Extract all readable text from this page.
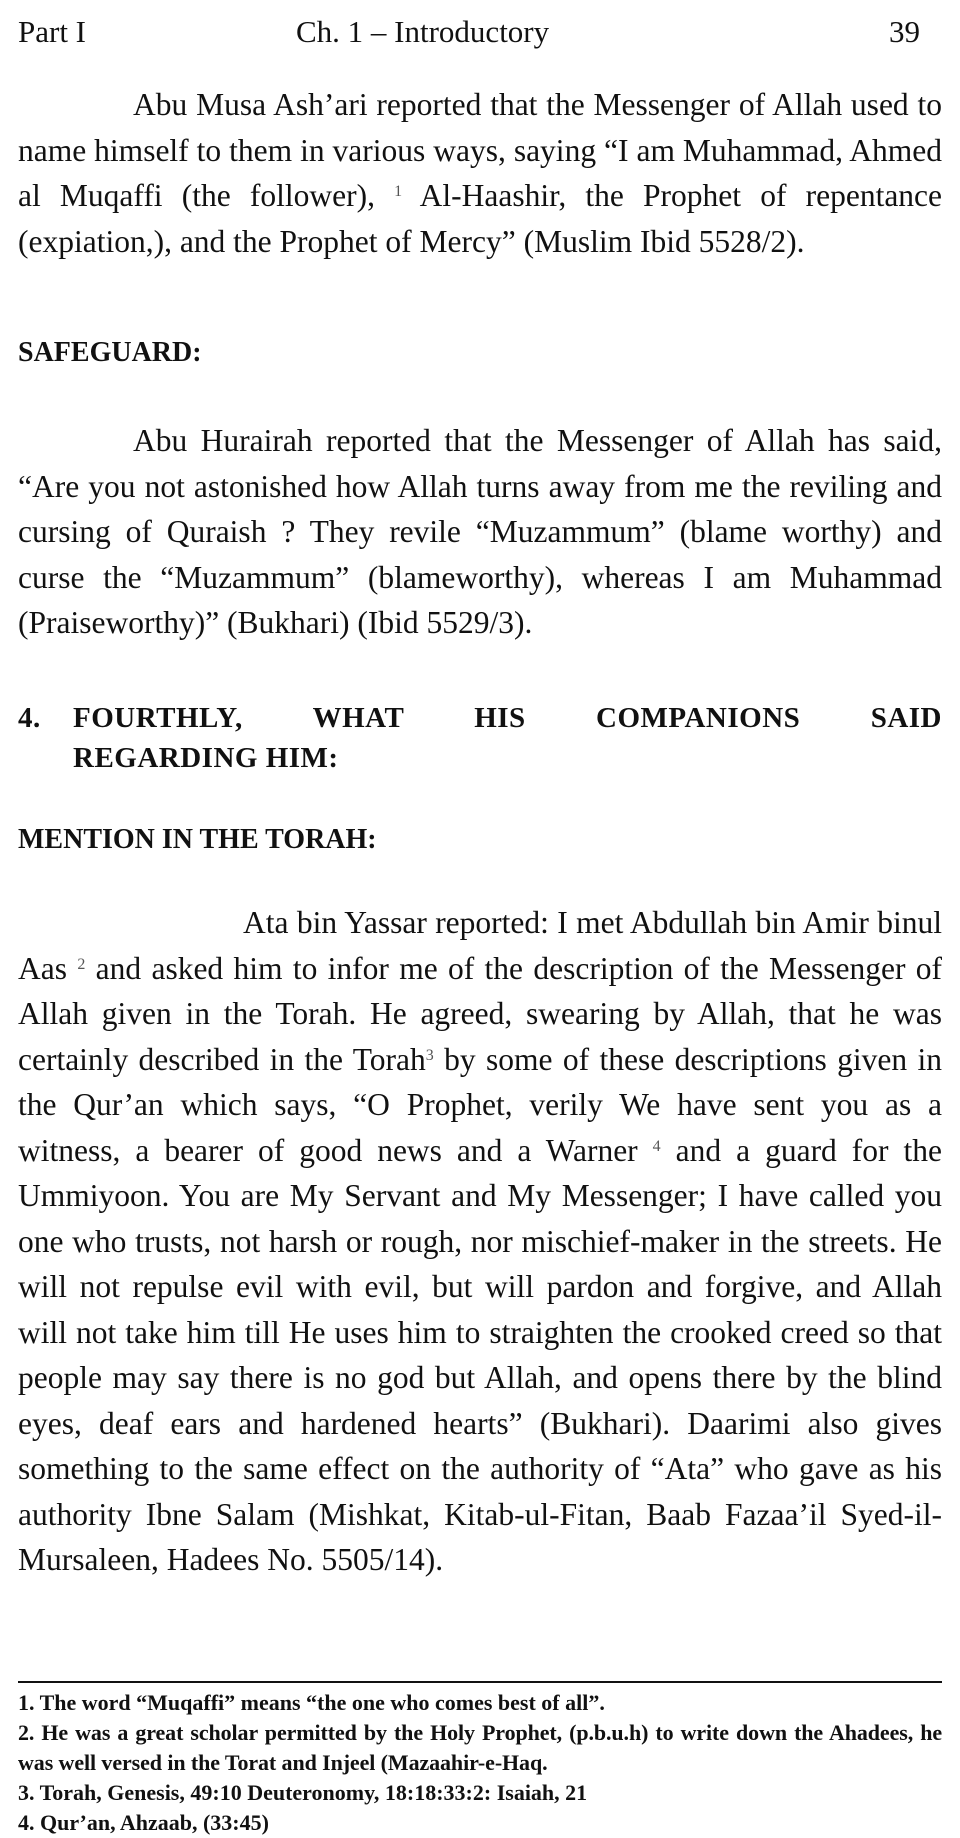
Part I	Ch. 1 – Introductory	39
Abu Musa Ash’ari reported that the Messenger of Allah used to name himself to them in various ways, saying “I am Muhammad, Ahmed al Muqaffi (the follower), $^1$ Al-Haashir, the Prophet of repentance (expiation,), and the Prophet of Mercy” (Muslim Ibid 5528/2).
SAFEGUARD:
Abu Hurairah reported that the Messenger of Allah has said, “Are you not astonished how Allah turns away from me the reviling and cursing of Quraish ? They revile “Muzammum” (blame worthy) and curse the “Muzammum” (blameworthy), whereas I am Muhammad (Praiseworthy)” (Bukhari) (Ibid 5529/3).
4. FOURTHLY, WHAT HIS COMPANIONS SAID
REGARDING HIM:
MENTION IN THE TORAH:
Ata bin Yassar reported: I met Abdullah bin Amir binul Aas $^2$ and asked him to infor me of the description of the Messenger of Allah given in the Torah. He agreed, swearing by Allah, that he was certainly described in the Torah$^3$ by some of these descriptions given in the Qur’an which says, “O Prophet, verily We have sent you as a witness, a bearer of good news and a Warner $^4$ and a guard for the Ummiyoon. You are My Servant and My Messenger; I have called you one who trusts, not harsh or rough, nor mischief-maker in the streets. He will not repulse evil with evil, but will pardon and forgive, and Allah will not take him till He uses him to straighten the crooked creed so that people may say there is no god but Allah, and opens there by the blind eyes, deaf ears and hardened hearts” (Bukhari). Daarimi also gives something to the same effect on the authority of “Ata” who gave as his authority Ibne Salam (Mishkat, Kitab-ul-Fitan, Baab Fazaa’il Syed-il-Mursaleen, Hadees No. 5505/14).
1. The word “Muqaffi” means “the one who comes best of all”.
2. He was a great scholar permitted by the Holy Prophet, (p.b.u.h) to write down the Ahadees, he was well versed in the Torat and Injeel (Mazaahir-e-Haq.
3. Torah, Genesis, 49:10 Deuteronomy, 18:18:33:2: Isaiah, 21
4. Qur’an, Ahzaab, (33:45)
